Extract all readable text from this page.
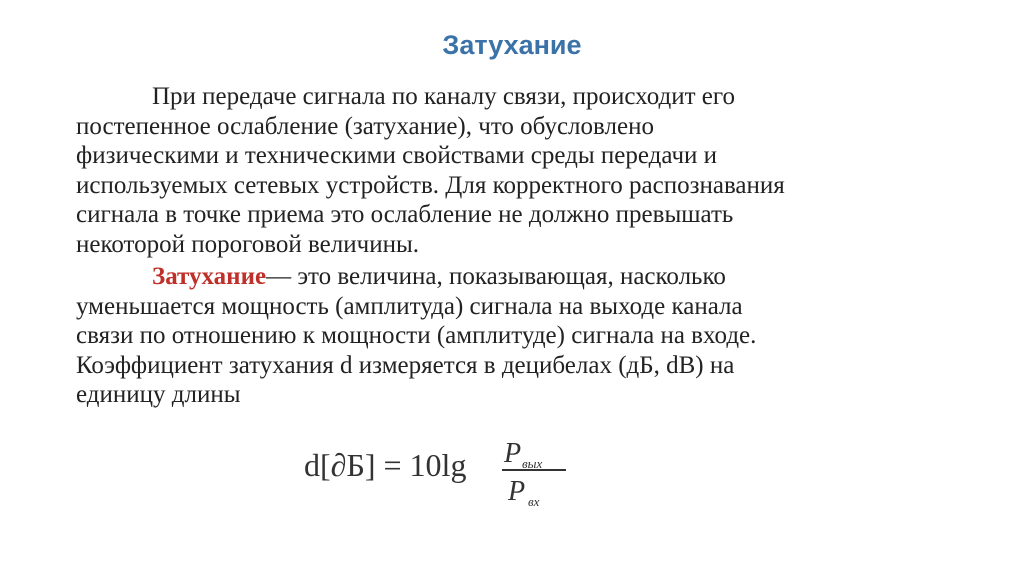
Затухание
При передаче сигнала по каналу связи, происходит его
постепенное ослабление (затухание), что обусловлено
физическими и техническими свойствами среды передачи и
используемых сетевых устройств. Для корректного распознавания
сигнала в точке приема это ослабление не должно превышать
некоторой пороговой величины.
Затухание— это величина, показывающая, насколько
уменьшается мощность (амплитуда) сигнала на выходе канала
связи по отношению к мощности (амплитуде) сигнала на входе.
Коэффициент затухания d измеряется в децибелах (дБ, dB) на
единицу длины
d[∂Б] = 10lg P вых
P вх
